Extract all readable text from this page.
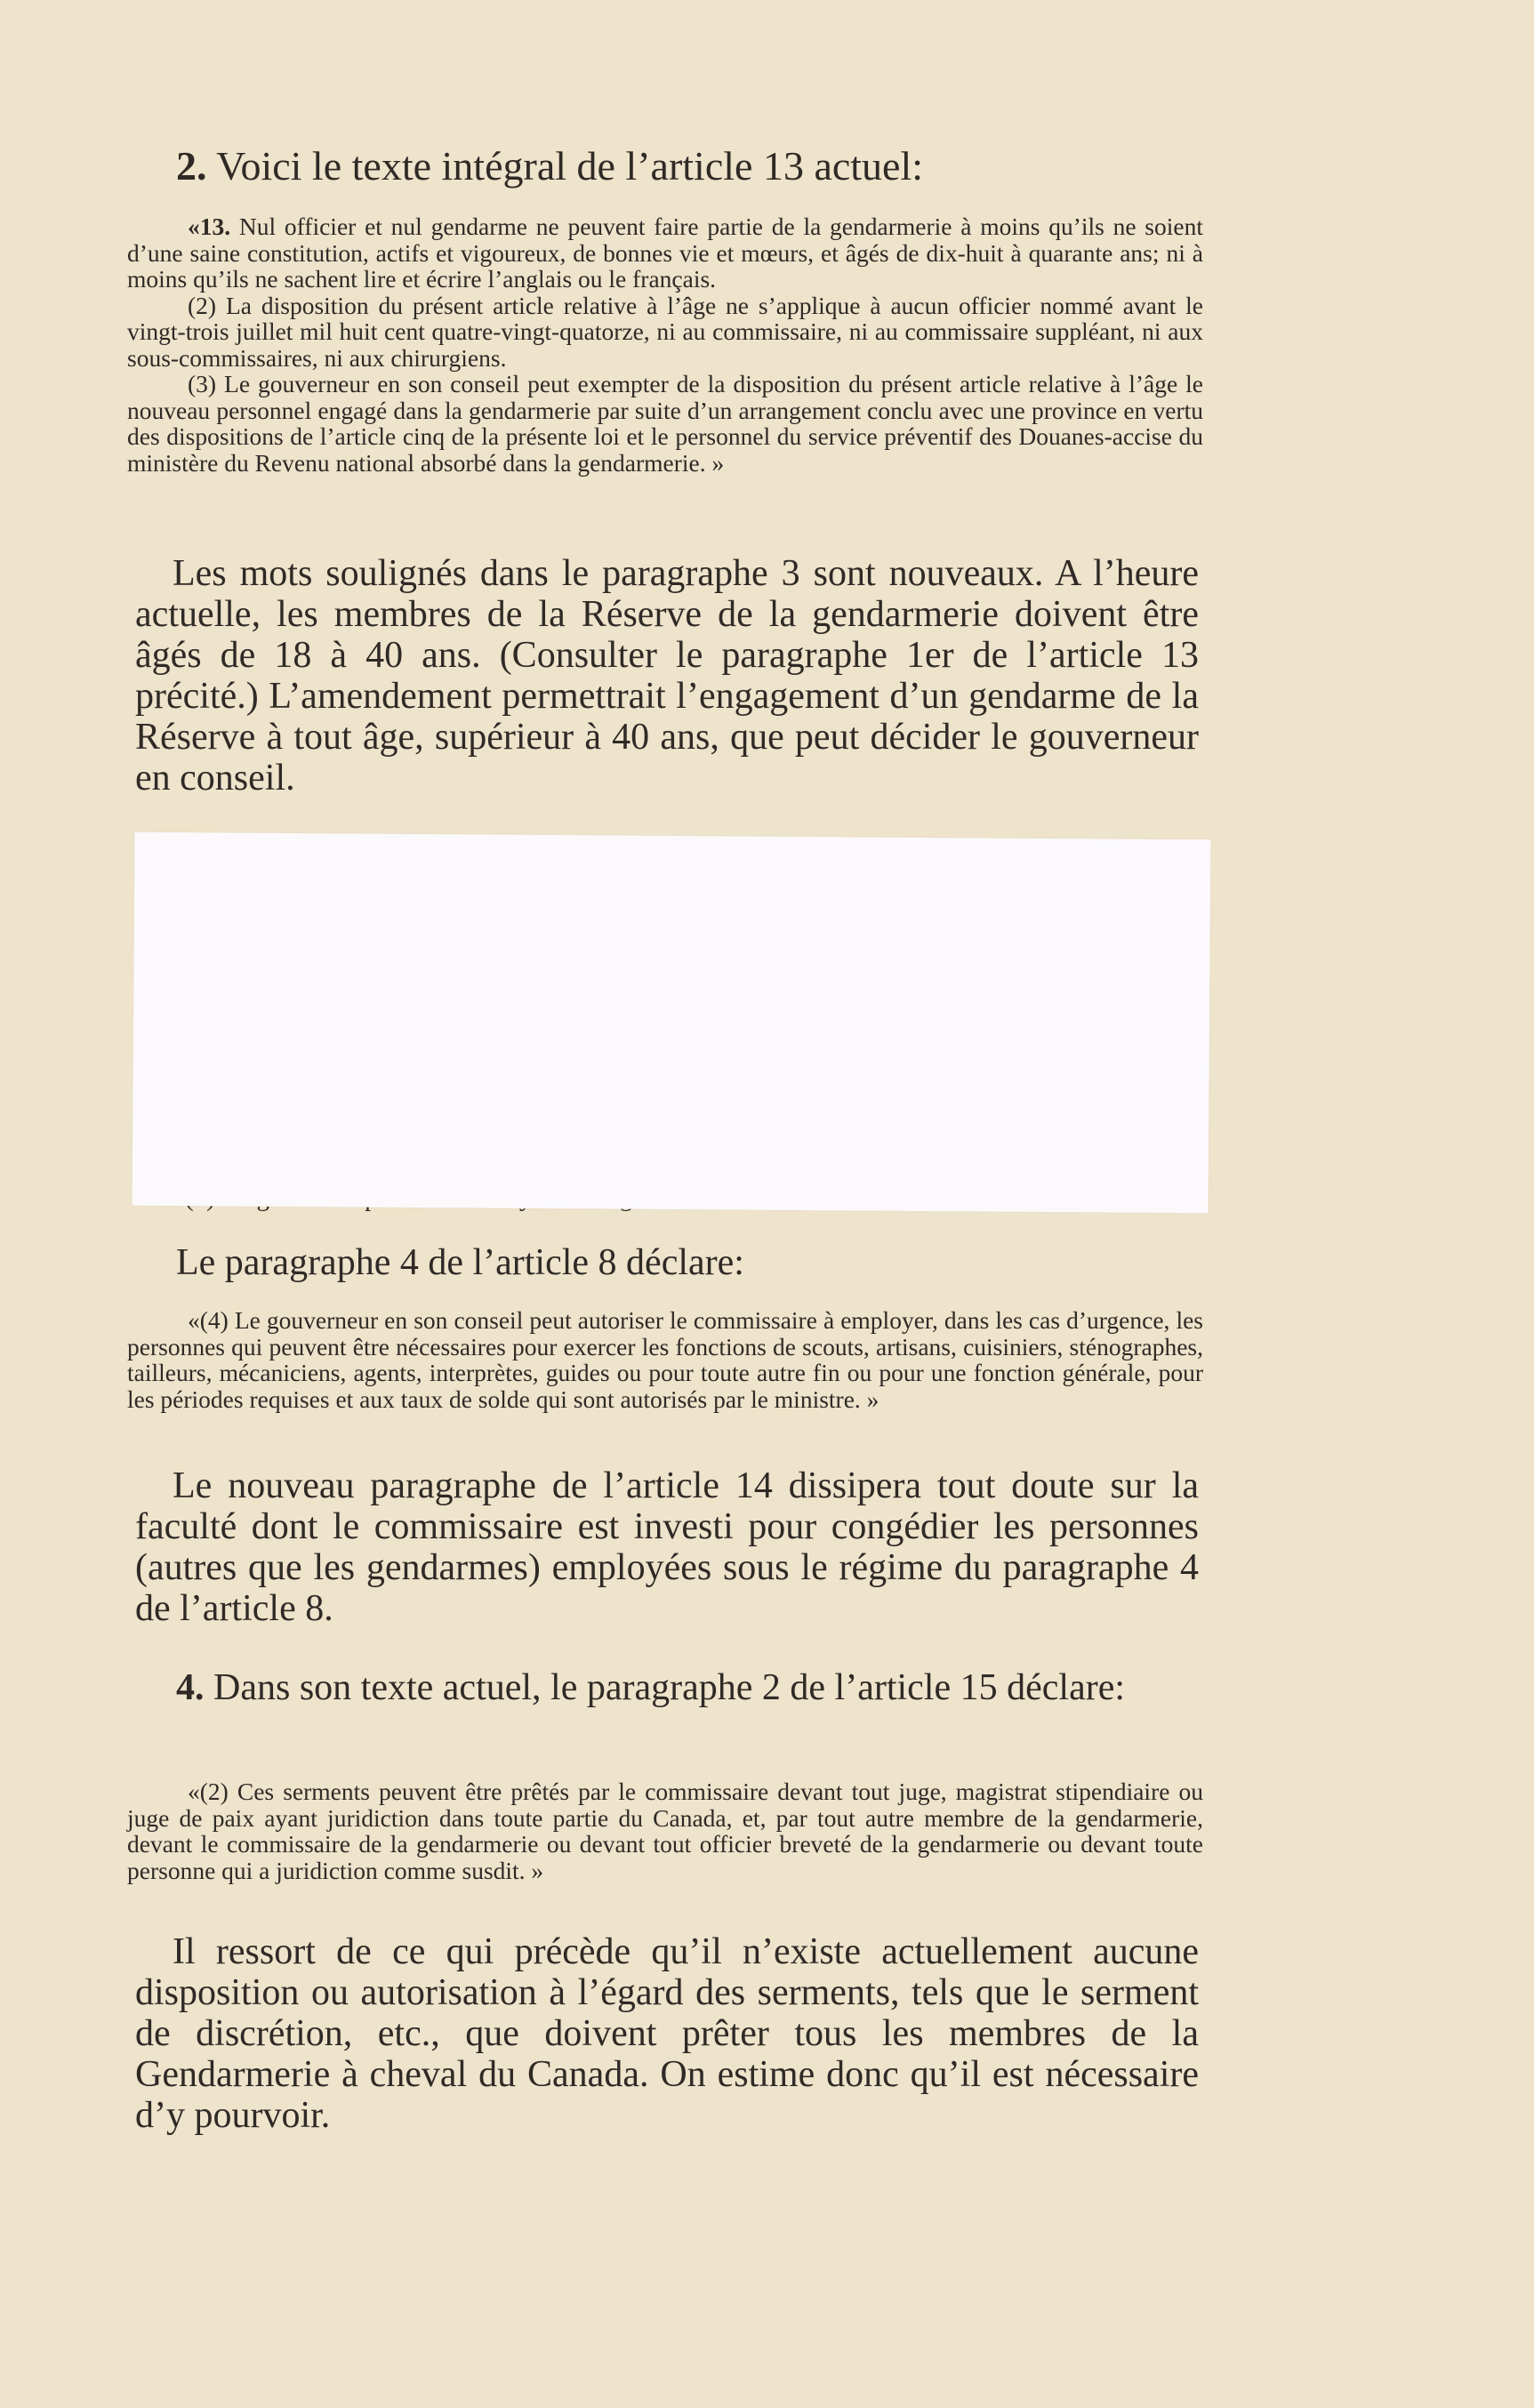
2. Voici le texte intégral de l’article 13 actuel:

«13. Nul officier et nul gendarme ne peuvent faire partie de la gendarmerie à moins qu’ils ne soient d’une saine constitution, actifs et vigoureux, de bonnes vie et mœurs, et âgés de dix-huit à quarante ans; ni à moins qu’ils ne sachent lire et écrire l’anglais ou le français.

(2) La disposition du présent article relative à l’âge ne s’applique à aucun officier nommé avant le vingt-trois juillet mil huit cent quatre-vingt-quatorze, ni au commissaire, ni au commissaire suppléant, ni aux sous-commissaires, ni aux chirurgiens.

(3) Le gouverneur en son conseil peut exempter de la disposition du présent article relative à l’âge le nouveau personnel engagé dans la gendarmerie par suite d’un arrangement conclu avec une province en vertu des dispositions de l’article cinq de la présente loi et le personnel du service préventif des Douanes-accise du ministère du Revenu national absorbé dans la gendarmerie. »

Les mots soulignés dans le paragraphe 3 sont nouveaux. A l’heure actuelle, les membres de la Réserve de la gendarmerie doivent être âgés de 18 à 40 ans. (Consulter le paragraphe 1er de l’article 13 précité.) L’amendement permettrait l’engagement d’un gendarme de la Réserve à tout âge, supérieur à 40 ans, que peut décider le gouverneur en conseil.

Le paragraphe 4 de l’article 8 déclare:

«(4) Le gouverneur en son conseil peut autoriser le commissaire à employer, dans les cas d’urgence, les personnes qui peuvent être nécessaires pour exercer les fonctions de scouts, artisans, cuisiniers, sténographes, tailleurs, mécaniciens, agents, interprètes, guides ou pour toute autre fin ou pour une fonction générale, pour les périodes requises et aux taux de solde qui sont autorisés par le ministre. »

Le nouveau paragraphe de l’article 14 dissipera tout doute sur la faculté dont le commissaire est investi pour congédier les personnes (autres que les gendarmes) employées sous le régime du paragraphe 4 de l’article 8.

4. Dans son texte actuel, le paragraphe 2 de l’article 15 déclare:

«(2) Ces serments peuvent être prêtés par le commissaire devant tout juge, magistrat stipendiaire ou juge de paix ayant juridiction dans toute partie du Canada, et, par tout autre membre de la gendarmerie, devant le commissaire de la gendarmerie ou devant tout officier breveté de la gendarmerie ou devant toute personne qui a juridiction comme susdit. »

Il ressort de ce qui précède qu’il n’existe actuellement aucune disposition ou autorisation à l’égard des serments, tels que le serment de discrétion, etc., que doivent prêter tous les membres de la Gendarmerie à cheval du Canada. On estime donc qu’il est nécessaire d’y pourvoir.
